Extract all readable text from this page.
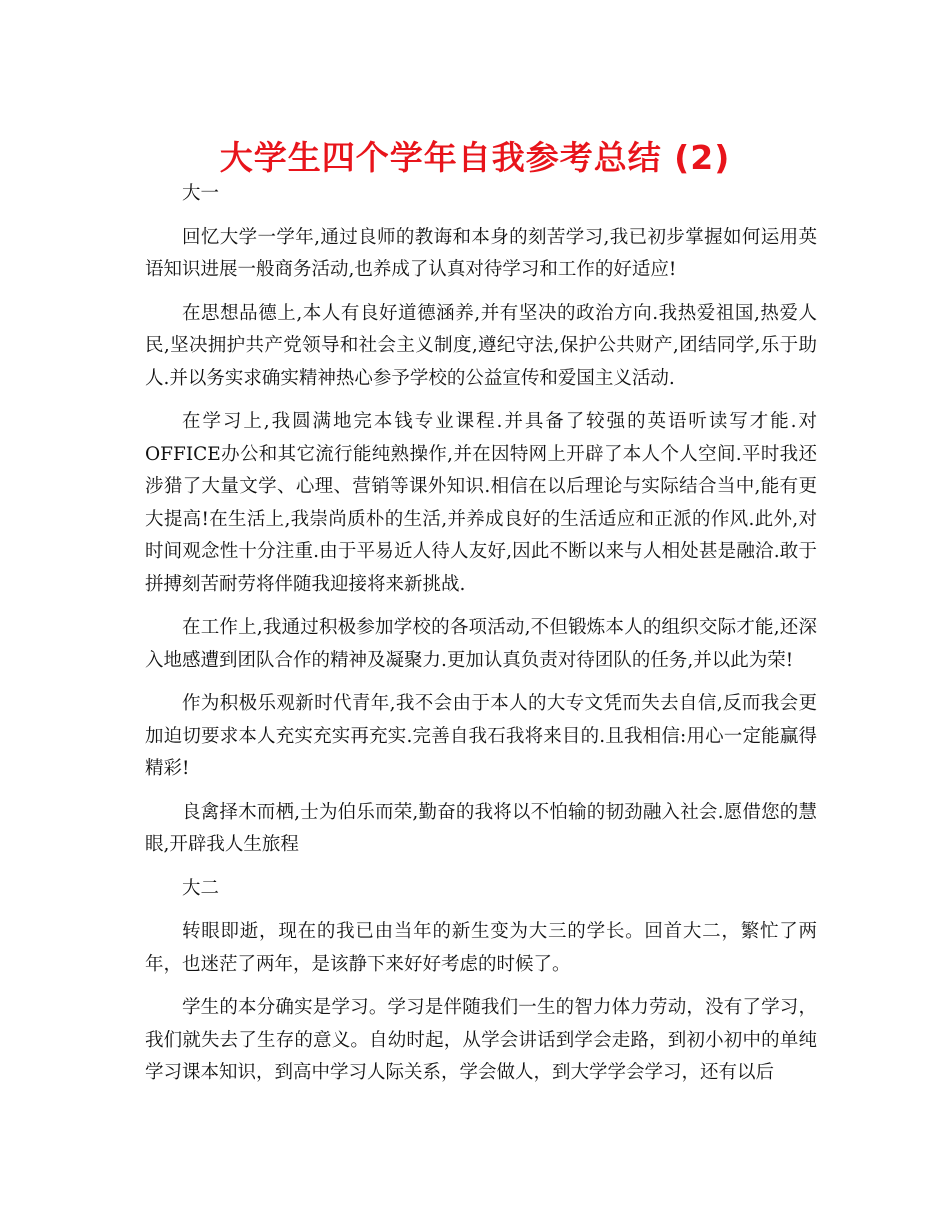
大学生四个学年自我参考总结 (2)

大一

回忆大学一学年,通过良师的教诲和本身的刻苦学习,我已初步掌握如何运用英语知识进展一般商务活动,也养成了认真对待学习和工作的好适应!

在思想品德上,本人有良好道德涵养,并有坚决的政治方向.我热爱祖国,热爱人民,坚决拥护共产党领导和社会主义制度,遵纪守法,保护公共财产,团结同学,乐于助人.并以务实求确实精神热心参予学校的公益宣传和爱国主义活动.

在学习上,我圆满地完本钱专业课程.并具备了较强的英语听读写才能.对OFFICE办公和其它流行能纯熟操作,并在因特网上开辟了本人个人空间.平时我还涉猎了大量文学、心理、营销等课外知识.相信在以后理论与实际结合当中,能有更大提高!在生活上,我崇尚质朴的生活,并养成良好的生活适应和正派的作风.此外,对时间观念性十分注重.由于平易近人待人友好,因此不断以来与人相处甚是融洽.敢于拼搏刻苦耐劳将伴随我迎接将来新挑战.

在工作上,我通过积极参加学校的各项活动,不但锻炼本人的组织交际才能,还深入地感遭到团队合作的精神及凝聚力.更加认真负责对待团队的任务,并以此为荣!

作为积极乐观新时代青年,我不会由于本人的大专文凭而失去自信,反而我会更加迫切要求本人充实充实再充实.完善自我石我将来目的.且我相信:用心一定能赢得精彩!

良禽择木而栖,士为伯乐而荣,勤奋的我将以不怕输的韧劲融入社会.愿借您的慧眼,开辟我人生旅程

大二

转眼即逝，现在的我已由当年的新生变为大三的学长。回首大二，繁忙了两年，也迷茫了两年，是该静下来好好考虑的时候了。

学生的本分确实是学习。学习是伴随我们一生的智力体力劳动，没有了学习，我们就失去了生存的意义。自幼时起，从学会讲话到学会走路，到初小初中的单纯学习课本知识，到高中学习人际关系，学会做人，到大学学会学习，还有以后
